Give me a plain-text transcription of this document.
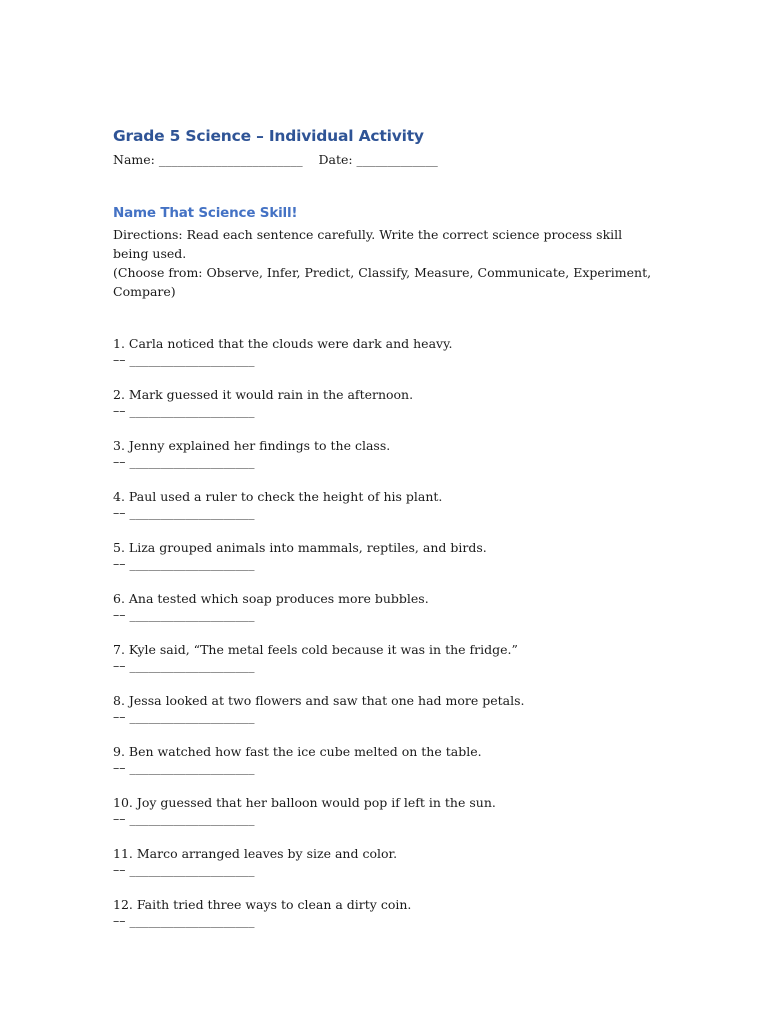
Grade 5 Science – Individual Activity
Name: _______________________    Date: _____________
Name That Science Skill!
Directions: Read each sentence carefully. Write the correct science process skill being used.
(Choose from: Observe, Infer, Predict, Classify, Measure, Communicate, Experiment,
Compare)
1. Carla noticed that the clouds were dark and heavy.
–– ____________________
2. Mark guessed it would rain in the afternoon.
–– ____________________
3. Jenny explained her findings to the class.
–– ____________________
4. Paul used a ruler to check the height of his plant.
–– ____________________
5. Liza grouped animals into mammals, reptiles, and birds.
–– ____________________
6. Ana tested which soap produces more bubbles.
–– ____________________
7. Kyle said, “The metal feels cold because it was in the fridge.”
–– ____________________
8. Jessa looked at two flowers and saw that one had more petals.
–– ____________________
9. Ben watched how fast the ice cube melted on the table.
–– ____________________
10. Joy guessed that her balloon would pop if left in the sun.
–– ____________________
11. Marco arranged leaves by size and color.
–– ____________________
12. Faith tried three ways to clean a dirty coin.
–– ____________________
